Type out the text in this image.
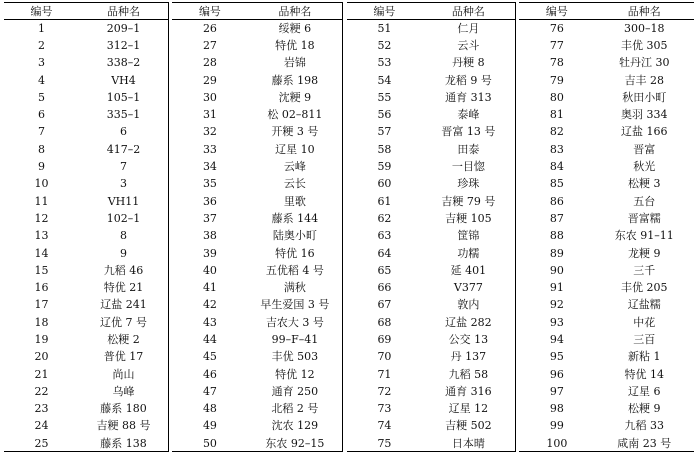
编号	品种名		编号	品种名		编号	品种名		编号	品种名
1	209–1		26	绥粳 6		51	仁月		76	300–18
2	312–1		27	特优 18		52	云斗		77	丰优 305
3	338–2		28	岩锦		53	丹粳 8		78	牡丹江 30
4	VH4		29	藤系 198		54	龙稻 9 号		79	吉丰 28
5	105–1		30	沈粳 9		55	通育 313		80	秋田小町
6	335–1		31	松 02–811		56	泰峰		81	奥羽 334
7	6		32	开粳 3 号		57	晋富 13 号		82	辽盐 166
8	417–2		33	辽星 10		58	田泰		83	晋富
9	7		34	云峰		59	一目惚		84	秋光
10	3		35	云长		60	珍珠		85	松粳 3
11	VH11		36	里歌		61	吉粳 79 号		86	五台
12	102–1		37	藤系 144		62	吉粳 105		87	晋富糯
13	8		38	陆奥小町		63	筐锦		88	东农 91–11
14	9		39	特优 16		64	功糯		89	龙粳 9
15	九稻 46		40	五优稻 4 号		65	延 401		90	三千
16	特优 21		41	满秋		66	V377		91	丰优 205
17	辽盐 241		42	早生爱国 3 号		67	敦内		92	辽盐糯
18	辽优 7 号		43	吉农大 3 号		68	辽盐 282		93	中花
19	松粳 2		44	99–F–41		69	公交 13		94	三百
20	普优 17		45	丰优 503		70	丹 137		95	新粘 1
21	尚山		46	特优 12		71	九稻 58		96	特优 14
22	乌峰		47	通育 250		72	通育 316		97	辽星 6
23	藤系 180		48	北稻 2 号		73	辽星 12		98	松粳 9
24	吉粳 88 号		49	沈农 129		74	吉粳 502		99	九稻 33
25	藤系 138		50	东农 92–15		75	日本晴		100	咸南 23 号
